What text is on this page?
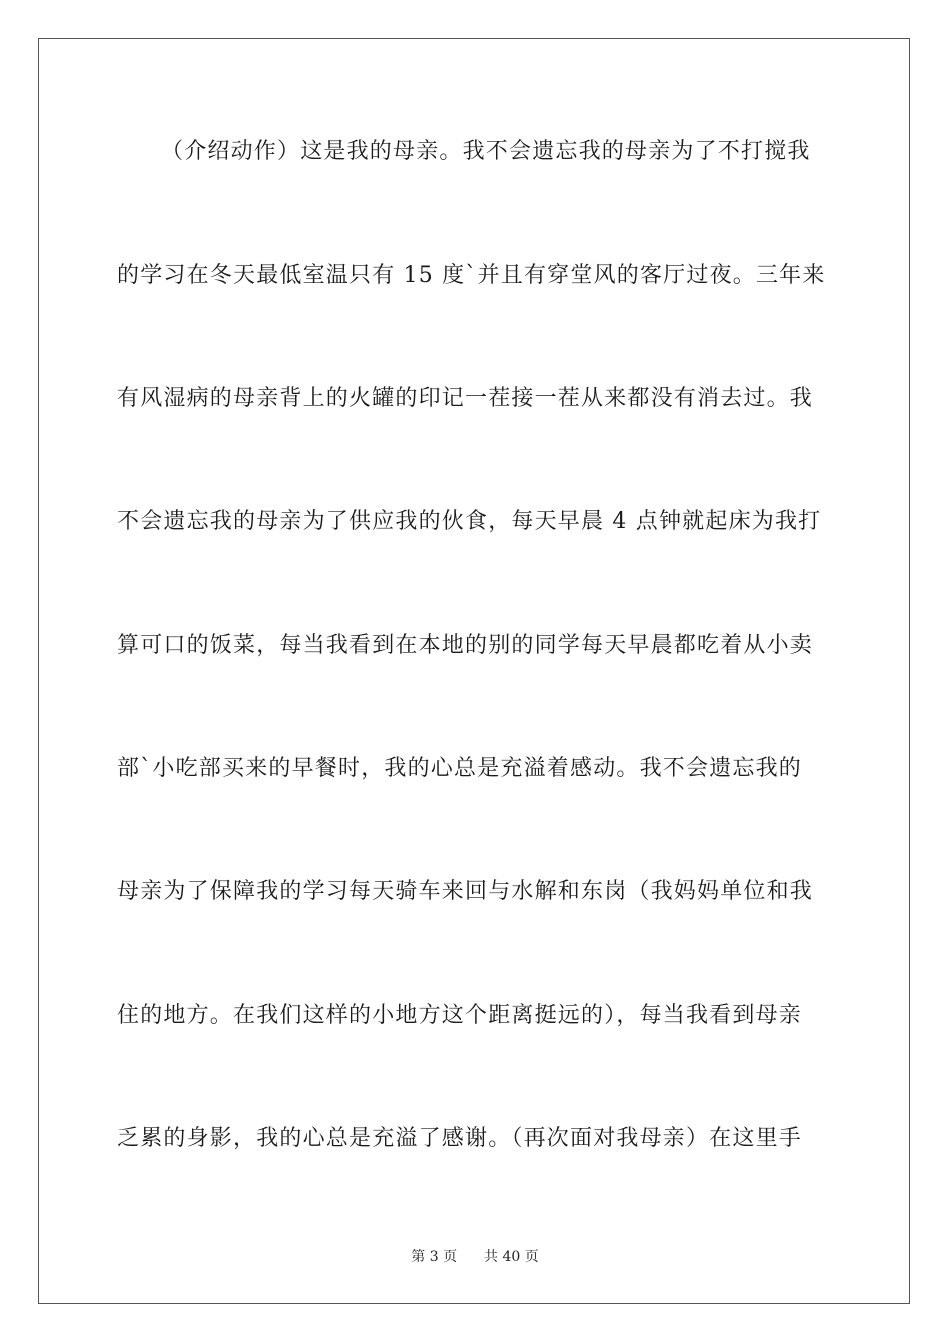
（介绍动作）这是我的母亲。我不会遗忘我的母亲为了不打搅我
的学习在冬天最低室温只有 15 度`并且有穿堂风的客厅过夜。三年来
有风湿病的母亲背上的火罐的印记一茬接一茬从来都没有消去过。我
不会遗忘我的母亲为了供应我的伙食，每天早晨 4 点钟就起床为我打
算可口的饭菜，每当我看到在本地的别的同学每天早晨都吃着从小卖
部`小吃部买来的早餐时，我的心总是充溢着感动。我不会遗忘我的
母亲为了保障我的学习每天骑车来回与水解和东岗（我妈妈单位和我
住的地方。在我们这样的小地方这个距离挺远的），每当我看到母亲
乏累的身影，我的心总是充溢了感谢。（再次面对我母亲）在这里手
第 3 页 共 40 页
